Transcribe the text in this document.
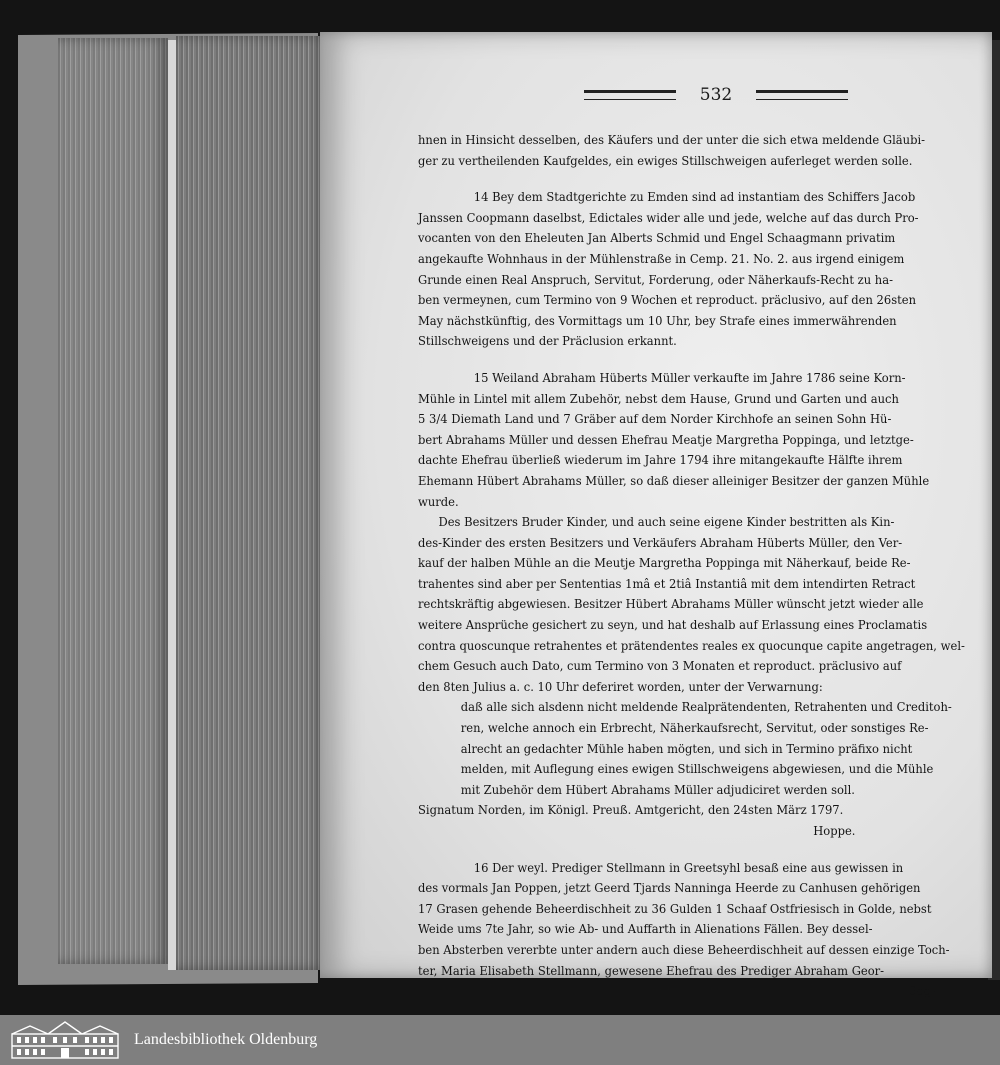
532
hnen in Hinsicht desselben, des Käufers und der unter die sich etwa meldende Gläubi-
ger zu vertheilenden Kaufgeldes, ein ewiges Stillschweigen auferleget werden solle.
14 Bey dem Stadtgerichte zu Emden sind ad instantiam des Schiffers Jacob
Janssen Coopmann daselbst, Edictales wider alle und jede, welche auf das durch Pro-
vocanten von den Eheleuten Jan Alberts Schmid und Engel Schaagmann privatim
angekaufte Wohnhaus in der Mühlenstraße in Cemp. 21. No. 2. aus irgend einigem
Grunde einen Real Anspruch, Servitut, Forderung, oder Näherkaufs-Recht zu ha-
ben vermeynen, cum Termino von 9 Wochen et reproduct. präclusivo, auf den 26sten
May nächstkünftig, des Vormittags um 10 Uhr, bey Strafe eines immerwährenden
Stillschweigens und der Präclusion erkannt.
15 Weiland Abraham Hüberts Müller verkaufte im Jahre 1786 seine Korn-
Mühle in Lintel mit allem Zubehör, nebst dem Hause, Grund und Garten und auch
5 3/4 Diemath Land und 7 Gräber auf dem Norder Kirchhofe an seinen Sohn Hü-
bert Abrahams Müller und dessen Ehefrau Meatje Margretha Poppinga, und letztge-
dachte Ehefrau überließ wiederum im Jahre 1794 ihre mitangekaufte Hälfte ihrem
Ehemann Hübert Abrahams Müller, so daß dieser alleiniger Besitzer der ganzen Mühle
wurde.
Des Besitzers Bruder Kinder, und auch seine eigene Kinder bestritten als Kin-
des-Kinder des ersten Besitzers und Verkäufers Abraham Hüberts Müller, den Ver-
kauf der halben Mühle an die Meutje Margretha Poppinga mit Näherkauf, beide Re-
trahentes sind aber per Sententias 1mâ et 2tiâ Instantiâ mit dem intendirten Retract
rechtskräftig abgewiesen. Besitzer Hübert Abrahams Müller wünscht jetzt wieder alle
weitere Ansprüche gesichert zu seyn, und hat deshalb auf Erlassung eines Proclamatis
contra quoscunque retrahentes et prätendentes reales ex quocunque capite angetragen, wel-
chem Gesuch auch Dato, cum Termino von 3 Monaten et reproduct. präclusivo auf
den 8ten Julius a. c. 10 Uhr deferiret worden, unter der Verwarnung:
daß alle sich alsdenn nicht meldende Realprätendenten, Retrahenten und Creditoh-
ren, welche annoch ein Erbrecht, Näherkaufsrecht, Servitut, oder sonstiges Re-
alrecht an gedachter Mühle haben mögten, und sich in Termino präfixo nicht
melden, mit Auflegung eines ewigen Stillschweigens abgewiesen, und die Mühle
mit Zubehör dem Hübert Abrahams Müller adjudiciret werden soll.
Signatum Norden, im Königl. Preuß. Amtgericht, den 24sten März 1797.
Hoppe.
16 Der weyl. Prediger Stellmann in Greetsyhl besaß eine aus gewissen in
des vormals Jan Poppen, jetzt Geerd Tjards Nanninga Heerde zu Canhusen gehörigen
17 Grasen gehende Beheerdischheit zu 36 Gulden 1 Schaaf Ostfriesisch in Golde, nebst
Weide ums 7te Jahr, so wie Ab- und Auffarth in Alienations Fällen. Bey dessel-
ben Absterben vererbte unter andern auch diese Beheerdischheit auf dessen einzige Toch-
ter, Maria Elisabeth Stellmann, gewesene Ehefrau des Prediger Abraham Geor-
Sog-
Landesbibliothek Oldenburg
